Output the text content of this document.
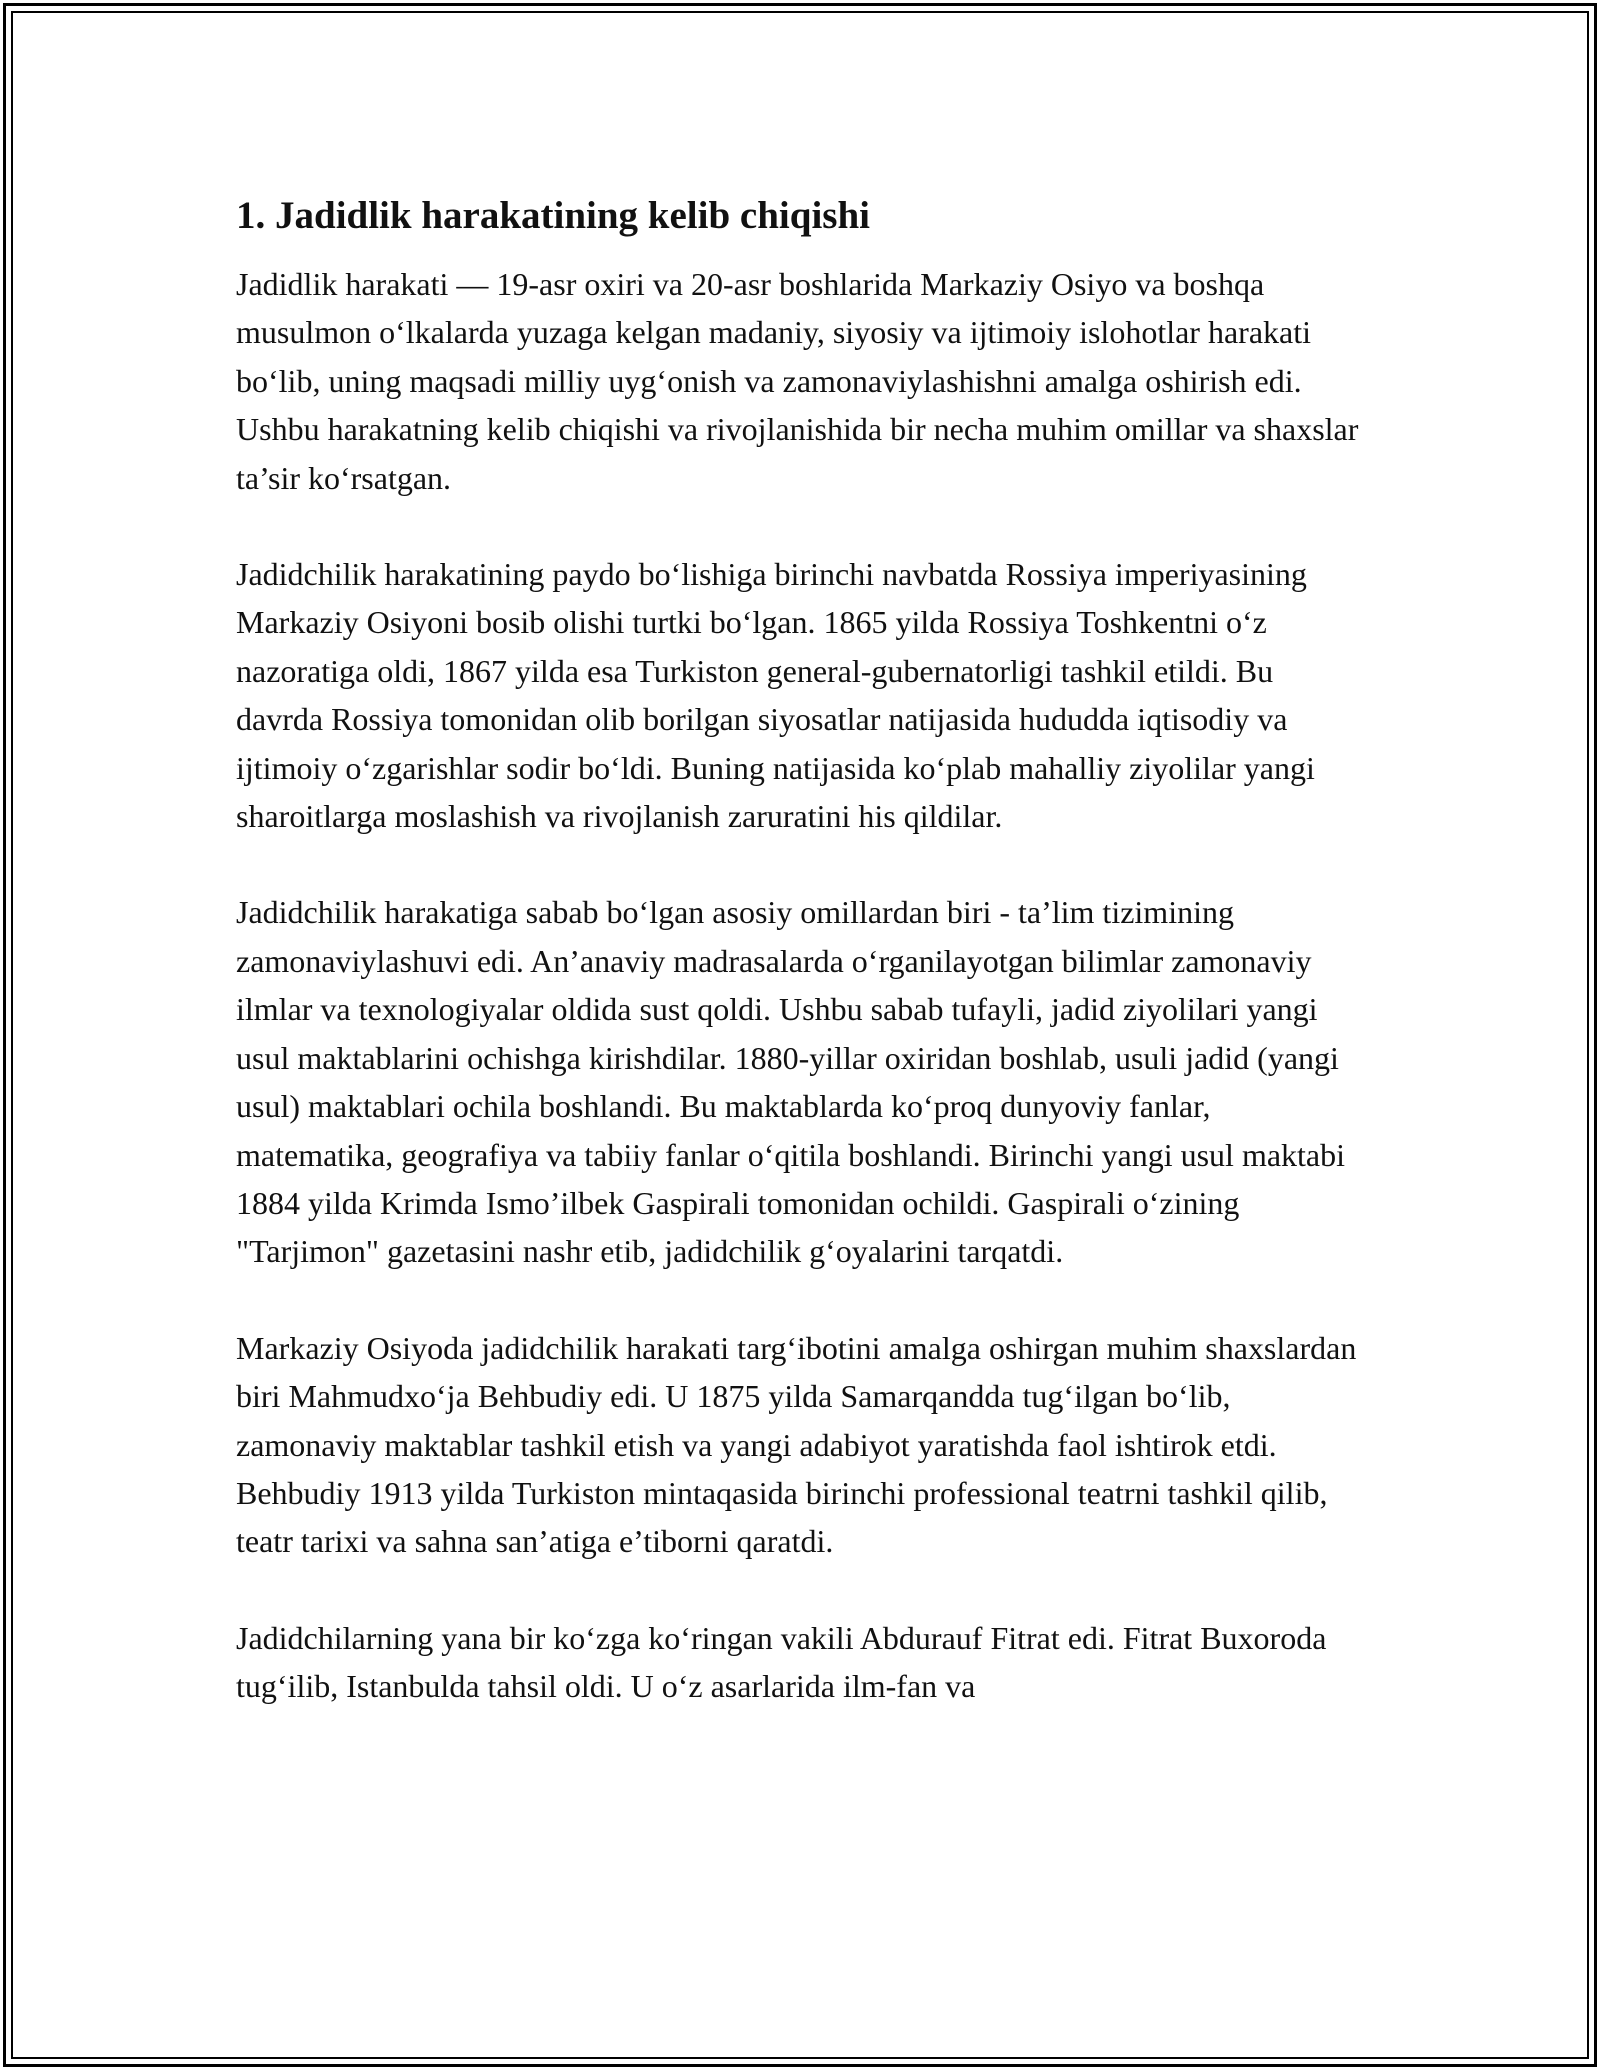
1. Jadidlik harakatining kelib chiqishi

Jadidlik harakati — 19-asr oxiri va 20-asr boshlarida Markaziy Osiyo va boshqa musulmon o‘lkalarda yuzaga kelgan madaniy, siyosiy va ijtimoiy islohotlar harakati bo‘lib, uning maqsadi milliy uyg‘onish va zamonaviylashishni amalga oshirish edi. Ushbu harakatning kelib chiqishi va rivojlanishida bir necha muhim omillar va shaxslar ta’sir ko‘rsatgan.

Jadidchilik harakatining paydo bo‘lishiga birinchi navbatda Rossiya imperiyasining Markaziy Osiyoni bosib olishi turtki bo‘lgan. 1865 yilda Rossiya Toshkentni o‘z nazoratiga oldi, 1867 yilda esa Turkiston general-gubernatorligi tashkil etildi. Bu davrda Rossiya tomonidan olib borilgan siyosatlar natijasida hududda iqtisodiy va ijtimoiy o‘zgarishlar sodir bo‘ldi. Buning natijasida ko‘plab mahalliy ziyolilar yangi sharoitlarga moslashish va rivojlanish zaruratini his qildilar.

Jadidchilik harakatiga sabab bo‘lgan asosiy omillardan biri - ta’lim tizimining zamonaviylashuvi edi. An’anaviy madrasalarda o‘rganilayotgan bilimlar zamonaviy ilmlar va texnologiyalar oldida sust qoldi. Ushbu sabab tufayli, jadid ziyolilari yangi usul maktablarini ochishga kirishdilar. 1880-yillar oxiridan boshlab, usuli jadid (yangi usul) maktablari ochila boshlandi. Bu maktablarda ko‘proq dunyoviy fanlar, matematika, geografiya va tabiiy fanlar o‘qitila boshlandi. Birinchi yangi usul maktabi 1884 yilda Krimda Ismo’ilbek Gaspirali tomonidan ochildi. Gaspirali o‘zining "Tarjimon" gazetasini nashr etib, jadidchilik g‘oyalarini tarqatdi.

Markaziy Osiyoda jadidchilik harakati targ‘ibotini amalga oshirgan muhim shaxslardan biri Mahmudxo‘ja Behbudiy edi. U 1875 yilda Samarqandda tug‘ilgan bo‘lib, zamonaviy maktablar tashkil etish va yangi adabiyot yaratishda faol ishtirok etdi. Behbudiy 1913 yilda Turkiston mintaqasida birinchi professional teatrni tashkil qilib, teatr tarixi va sahna san’atiga e’tiborni qaratdi.

Jadidchilarning yana bir ko‘zga ko‘ringan vakili Abdurauf Fitrat edi. Fitrat Buxoroda tug‘ilib, Istanbulda tahsil oldi. U o‘z asarlarida ilm-fan va
